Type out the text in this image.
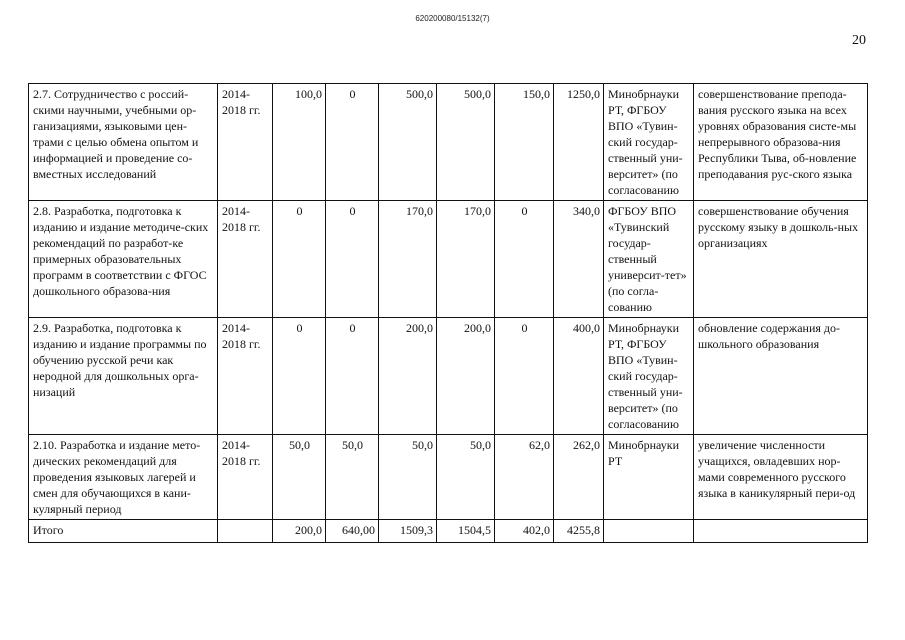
620200080/15132(7)
20
2.7. Сотрудничество с россий-скими научными, учебными ор-ганизациями, языковыми цен-трами с целью обмена опытом и информацией и проведение со-вместных исследований	2014-2018 гг.	100,0	0	500,0	500,0	150,0	1250,0	Минобрнауки РТ, ФГБОУ ВПО «Тувин-ский государ-ственный уни-верситет» (по согласованию	совершенствование препода-вания русского языка на всех уровнях образования систе-мы непрерывного образова-ния Республики Тыва, об-новление преподавания рус-ского языка
2.8. Разработка, подготовка к изданию и издание методиче-ских рекомендаций по разработ-ке примерных образовательных программ в соответствии с ФГОС дошкольного образова-ния	2014-2018 гг.	0	0	170,0	170,0	0	340,0	ФГБОУ ВПО «Тувинский государ-ственный университ-тет» (по согла-сованию	совершенствование обучения русскому языку в дошколь-ных организациях
2.9. Разработка, подготовка к изданию и издание программы по обучению русской речи как неродной для дошкольных орга-низаций	2014-2018 гг.	0	0	200,0	200,0	0	400,0	Минобрнауки РТ, ФГБОУ ВПО «Тувин-ский государ-ственный уни-верситет» (по согласованию	обновление содержания до-школьного образования
2.10. Разработка и издание мето-дических рекомендаций для проведения языковых лагерей и смен для обучающихся в кани-кулярный период	2014-2018 гг.	50,0	50,0	50,0	50,0	62,0	262,0	Минобрнауки РТ	увеличение численности учащихся, овладевших нор-мами современного русского языка в каникулярный пери-од
Итого		200,0	640,00	1509,3	1504,5	402,0	4255,8		
